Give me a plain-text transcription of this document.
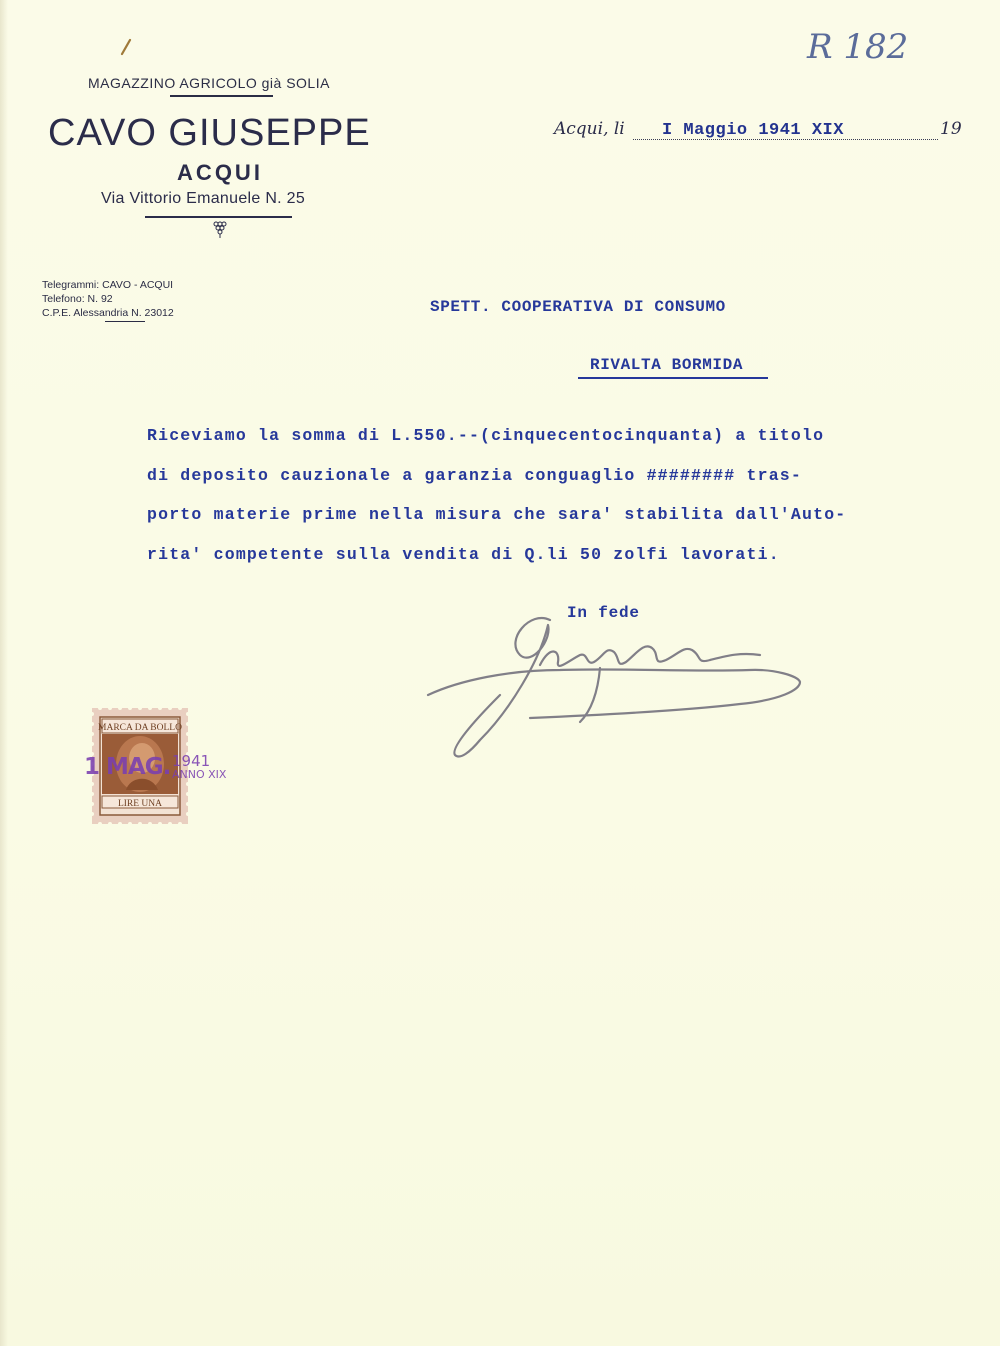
MAGAZZINO AGRICOLO già SOLIA
CAVO GIUSEPPE
ACQUI
Via Vittorio Emanuele N. 25
Telegrammi: CAVO - ACQUI
Telefono: N. 92
C.P.E. Alessandria N. 23012
R 182
Acqui, li I Maggio 1941 XIX	19
SPETT. COOPERATIVA DI CONSUMO
RIVALTA BORMIDA
Riceviamo la somma di L.550.--(cinquecentocinquanta) a titolo
di deposito cauzionale a garanzia conguaglio ######## tras-
porto materie prime nella misura che sara' stabilita dall'Auto-
rita' competente sulla vendita di Q.li 50 zolfi lavorati.
In fede
MARCA DA BOLLO
LIRE UNA
1 MAG. 1941
ANNO XIX
